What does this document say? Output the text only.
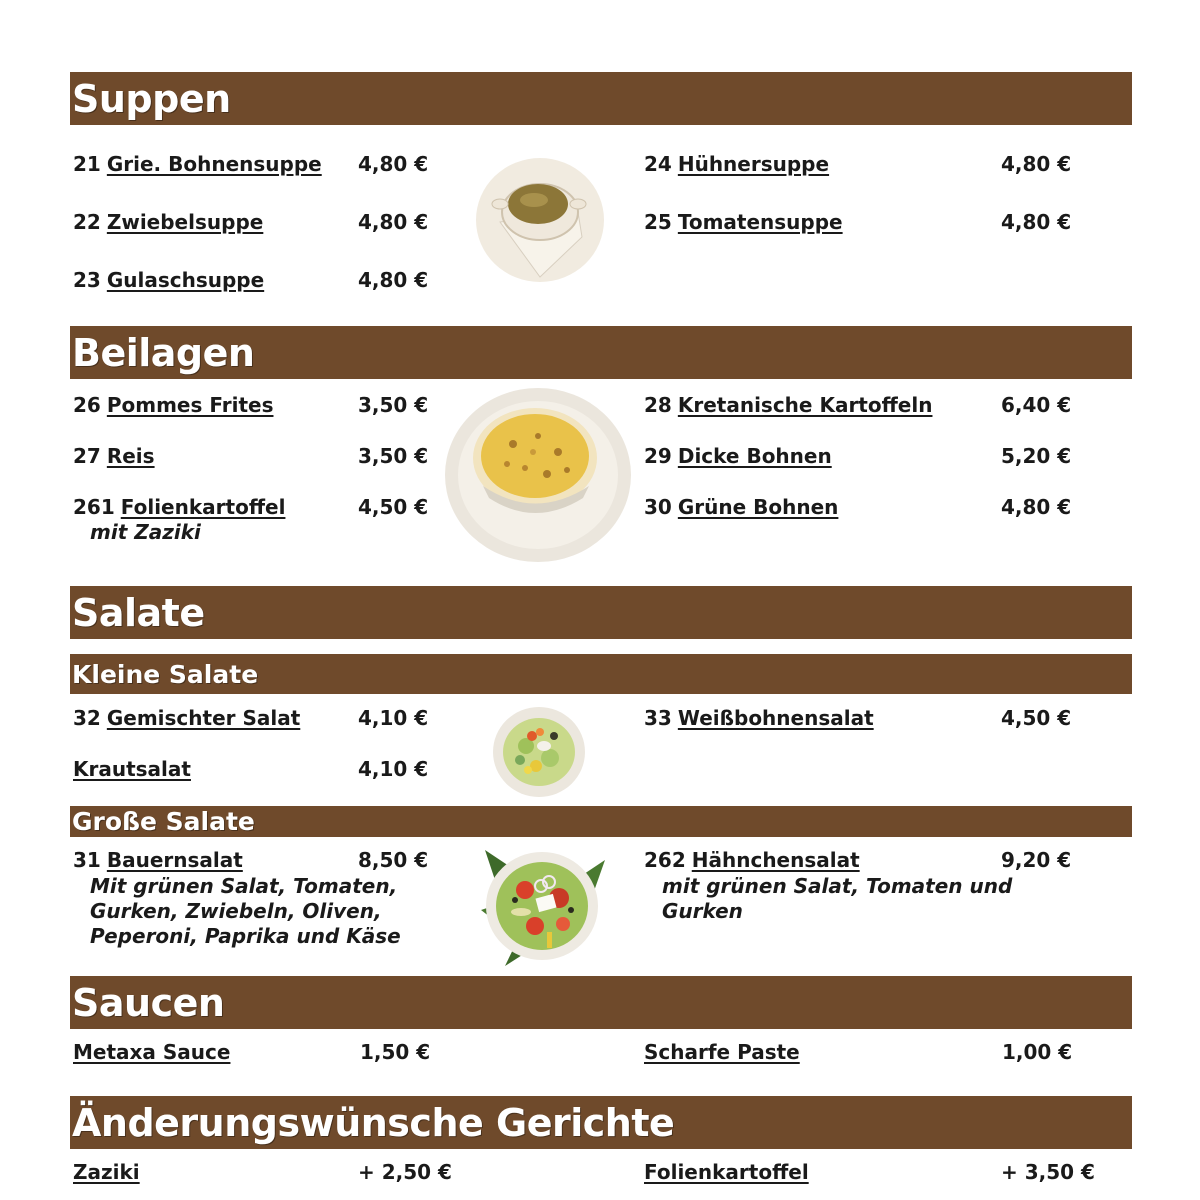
Suppen
21 Grie. Bohnensuppe 4,80 €
22 Zwiebelsuppe	4,80 €
23 Gulaschsuppe	4,80 €
24 Hühnersuppe	4,80 €
25 Tomatensuppe	4,80 €
Beilagen
26 Pommes Frites	3,50 €
27 Reis	3,50 €
261 Folienkartoffel	4,50 €
mit Zaziki
28 Kretanische Kartoffeln	6,40 €
29 Dicke Bohnen	5,20 €
30 Grüne Bohnen	4,80 €
Salate
Kleine Salate
32 Gemischter Salat	4,10 €
Krautsalat	4,10 €
33 Weißbohnensalat	4,50 €
Große Salate
31 Bauernsalat	8,50 €
Mit grünen Salat, Tomaten,
Gurken, Zwiebeln, Oliven,
Peperoni, Paprika und Käse
262 Hähnchensalat	9,20 €
mit grünen Salat, Tomaten und
Gurken
Saucen
Metaxa Sauce	1,50 €	Scharfe Paste	1,00 €
Änderungswünsche Gerichte
Zaziki	+ 2,50 €	Folienkartoffel	+ 3,50 €
